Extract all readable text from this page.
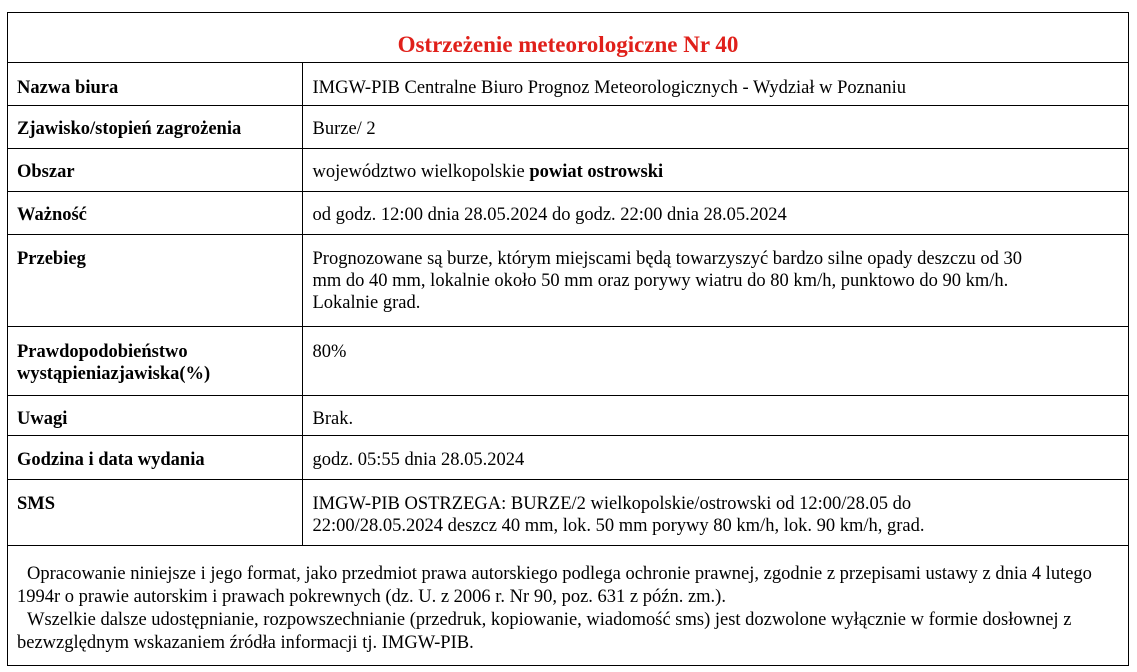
Ostrzeżenie meteorologiczne Nr 40
Nazwa biura	IMGW-PIB Centralne Biuro Prognoz Meteorologicznych - Wydział w Poznaniu
Zjawisko/stopień zagrożenia	Burze/ 2
Obszar	województwo wielkopolskie powiat ostrowski
Ważność	od godz. 12:00 dnia 28.05.2024 do godz. 22:00 dnia 28.05.2024
Przebieg	Prognozowane są burze, którym miejscami będą towarzyszyć bardzo silne opady deszczu od 30
mm do 40 mm, lokalnie około 50 mm oraz porywy wiatru do 80 km/h, punktowo do 90 km/h.
Lokalnie grad.

Prawdopodobieństwo
wystąpieniazjawiska(%)	80%
Uwagi	Brak.
Godzina i data wydania	godz. 05:55 dnia 28.05.2024
SMS	IMGW-PIB OSTRZEGA: BURZE/2 wielkopolskie/ostrowski od 12:00/28.05 do
22:00/28.05.2024 deszcz 40 mm, lok. 50 mm porywy 80 km/h, lok. 90 km/h, grad.

Opracowanie niniejsze i jego format, jako przedmiot prawa autorskiego podlega ochronie prawnej, zgodnie z przepisami ustawy z dnia 4 lutego 1994r o prawie autorskim i prawach pokrewnych (dz. U. z 2006 r. Nr 90, poz. 631 z późn. zm.).

Wszelkie dalsze udostępnianie, rozpowszechnianie (przedruk, kopiowanie, wiadomość sms) jest dozwolone wyłącznie w formie dosłownej z bezwzględnym wskazaniem źródła informacji tj. IMGW-PIB.
